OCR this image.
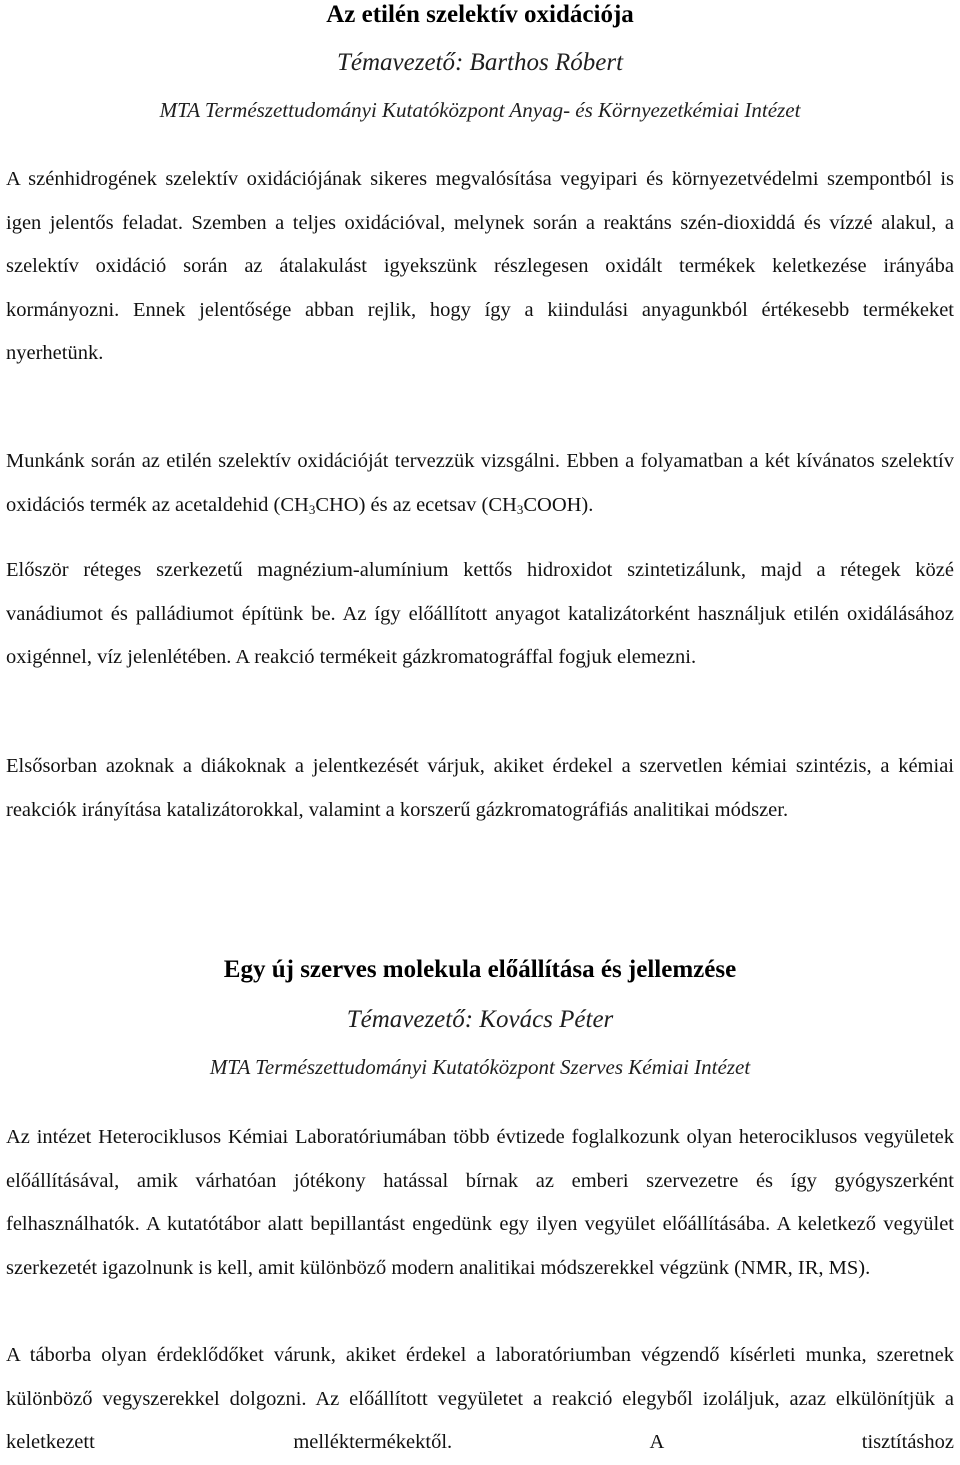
Az etilén szelektív oxidációja

Témavezető: Barthos Róbert

MTA Természettudományi Kutatóközpont Anyag- és Környezetkémiai Intézet

A szénhidrogének szelektív oxidációjának sikeres megvalósítása vegyipari és környezetvédelmi szempontból is igen jelentős feladat. Szemben a teljes oxidációval, melynek során a reaktáns szén-dioxiddá és vízzé alakul, a szelektív oxidáció során az átalakulást igyekszünk részlegesen oxidált termékek keletkezése irányába kormányozni. Ennek jelentősége abban rejlik, hogy így a kiindulási anyagunkból értékesebb termékeket nyerhetünk.

Munkánk során az etilén szelektív oxidációját tervezzük vizsgálni. Ebben a folyamatban a két kívánatos szelektív oxidációs termék az acetaldehid $(CH_3CHO)$ és az ecetsav $(CH_3COOH)$.

Először réteges szerkezetű magnézium-alumínium kettős hidroxidot szintetizálunk, majd a rétegek közé vanádiumot és palládiumot építünk be. Az így előállított anyagot katalizátorként használjuk etilén oxidálásához oxigénnel, víz jelenlétében. A reakció termékeit gázkromatográffal fogjuk elemezni.

Elsősorban azoknak a diákoknak a jelentkezését várjuk, akiket érdekel a szervetlen kémiai szintézis, a kémiai reakciók irányítása katalizátorokkal, valamint a korszerű gázkromatográfiás analitikai módszer.

Egy új szerves molekula előállítása és jellemzése

Témavezető: Kovács Péter

MTA Természettudományi Kutatóközpont Szerves Kémiai Intézet

Az intézet Heterociklusos Kémiai Laboratóriumában több évtizede foglalkozunk olyan heterociklusos vegyületek előállításával, amik várhatóan jótékony hatással bírnak az emberi szervezetre és így gyógyszerként felhasználhatók. A kutatótábor alatt bepillantást engedünk egy ilyen vegyület előállításába. A keletkező vegyület szerkezetét igazolnunk is kell, amit különböző modern analitikai módszerekkel végzünk (NMR, IR, MS).

A táborba olyan érdeklődőket várunk, akiket érdekel a laboratóriumban végzendő kísérleti munka, szeretnek különböző vegyszerekkel dolgozni. Az előállított vegyületet a reakció elegyből izoláljuk, azaz elkülönítjük a keletkezett melléktermékektől. A tisztításhoz
